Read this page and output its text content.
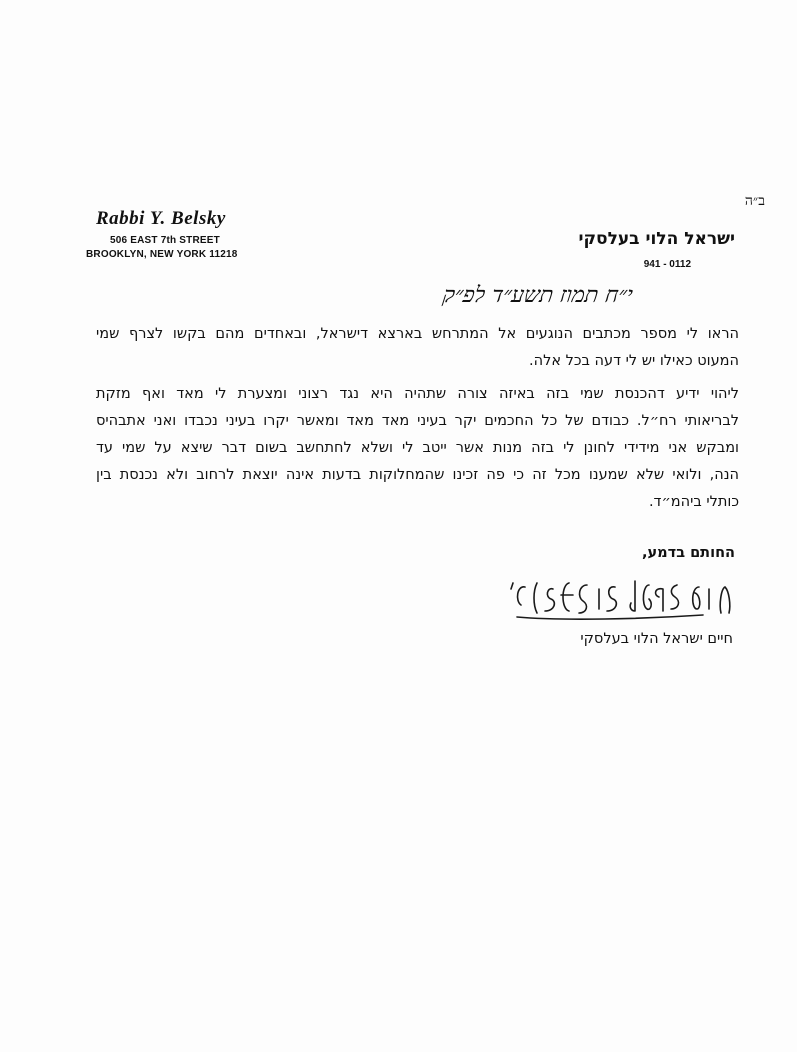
ב״ה
Rabbi Y. Belsky
506 EAST 7th STREET
BROOKLYN, NEW YORK 11218
ישראל הלוי בעלסקי
941 - 0112
י״ח תמוז תשע״ד לפ״ק
הראו לי מספר מכתבים הנוגעים אל המתרחש בארצא דישראל, ובאחדים מהם בקשו לצרף שמי
המעוט כאילו יש לי דעה בכל אלה.
ליהוי ידיע דהכנסת שמי בזה באיזה צורה שתהיה היא נגד רצוני ומצערת לי מאד ואף מזקת
לבריאותי רח״ל. כבודם של כל החכמים יקר בעיני מאד מאד ומאשר יקרו בעיני נכבדו ואני אתבהיס
ומבקש אני מידידי לחונן לי בזה מנות אשר ייטב לי ושלא לחתחשב בשום דבר שיצא על שמי עד
הנה, ולואי שלא שמענו מכל זה כי פה זכינו שהמחלוקות בדעות אינה יוצאת לרחוב ולא נכנסת בין
כותלי ביהמ״ד.
החותם בדמע,
חיים ישראל הלוי בעלסקי
